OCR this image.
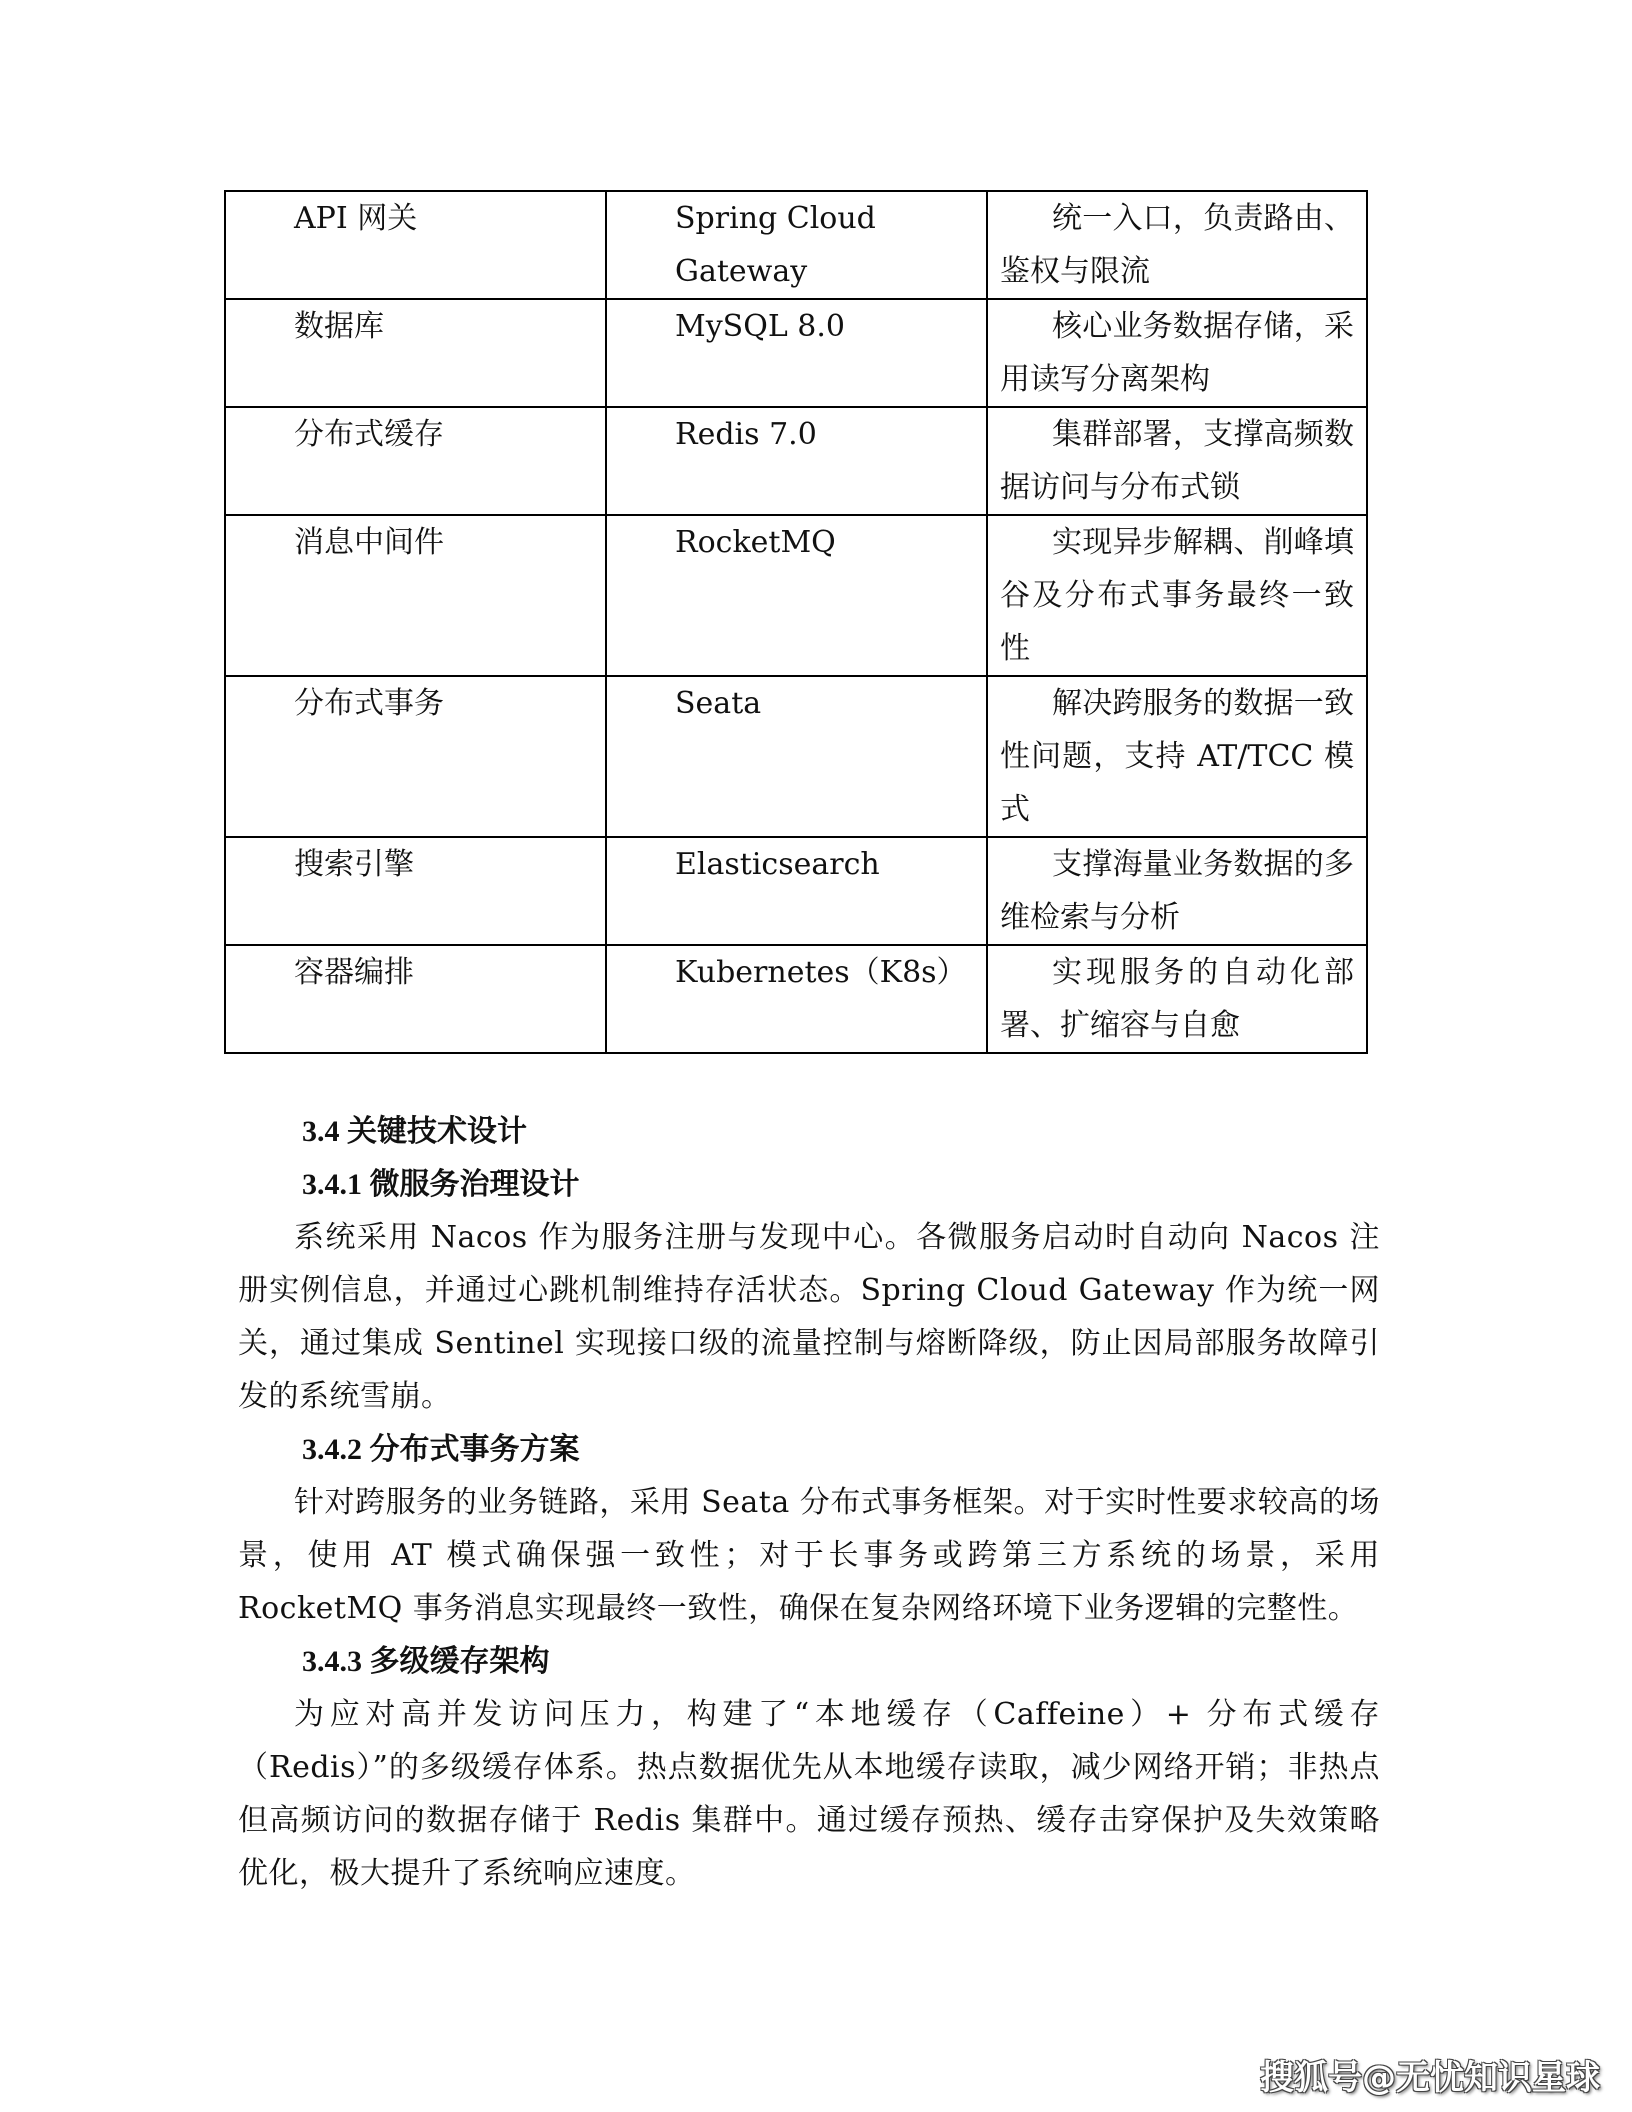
API 网关	Spring Cloud Gateway	统一入口，负责路由、鉴权与限流
数据库	MySQL 8.0	核心业务数据存储，采用读写分离架构
分布式缓存	Redis 7.0	集群部署，支撑高频数据访问与分布式锁
消息中间件	RocketMQ	实现异步解耦、削峰填谷及分布式事务最终一致性
分布式事务	Seata	解决跨服务的数据一致性问题，支持 AT/TCC 模式
搜索引擎	Elasticsearch	支撑海量业务数据的多维检索与分析
容器编排	Kubernetes（K8s）	实现服务的自动化部署、扩缩容与自愈
3.4 关键技术设计
3.4.1 微服务治理设计

系统采用 Nacos 作为服务注册与发现中心。各微服务启动时自动向 Nacos 注册实例信息，并通过心跳机制维持存活状态。Spring Cloud Gateway 作为统一网关，通过集成 Sentinel 实现接口级的流量控制与熔断降级，防止因局部服务故障引发的系统雪崩。

3.4.2 分布式事务方案

针对跨服务的业务链路，采用 Seata 分布式事务框架。对于实时性要求较高的场景，使用 AT 模式确保强一致性；对于长事务或跨第三方系统的场景，采用 RocketMQ 事务消息实现最终一致性，确保在复杂网络环境下业务逻辑的完整性。

3.4.3 多级缓存架构

为应对高并发访问压力，构建了“本地缓存（Caffeine）+ 分布式缓存（Redis）”的多级缓存体系。热点数据优先从本地缓存读取，减少网络开销；非热点但高频访问的数据存储于 Redis 集群中。通过缓存预热、缓存击穿保护及失效策略优化，极大提升了系统响应速度。

搜狐号@无忧知识星球
